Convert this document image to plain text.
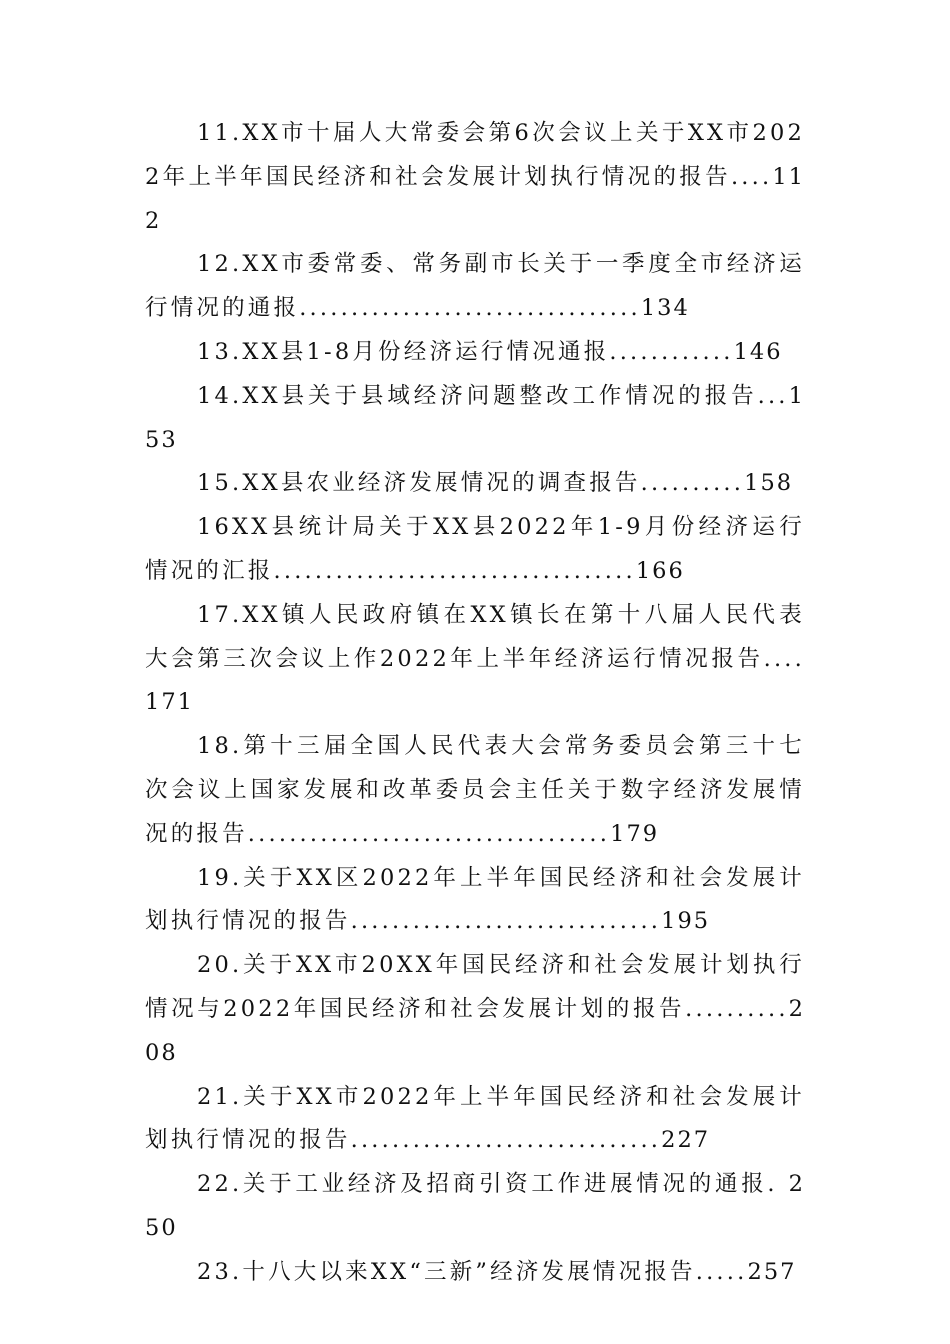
11.XX市十届人大常委会第6次会议上关于XX市2022年上半年国民经济和社会发展计划执行情况的报告....112
12.XX市委常委、常务副市长关于一季度全市经济运行情况的通报.................................134
13.XX县1-8月份经济运行情况通报............146
14.XX县关于县域经济问题整改工作情况的报告...153
15.XX县农业经济发展情况的调查报告..........158
16XX县统计局关于XX县2022年1-9月份经济运行情况的汇报...................................166
17.XX镇人民政府镇在XX镇长在第十八届人民代表大会第三次会议上作2022年上半年经济运行情况报告....171
18.第十三届全国人民代表大会常务委员会第三十七次会议上国家发展和改革委员会主任关于数字经济发展情况的报告...................................179
19.关于XX区2022年上半年国民经济和社会发展计划执行情况的报告..............................195
20.关于XX市20XX年国民经济和社会发展计划执行情况与2022年国民经济和社会发展计划的报告..........208
21.关于XX市2022年上半年国民经济和社会发展计划执行情况的报告..............................227
22.关于工业经济及招商引资工作进展情况的通报. 250
23.十八大以来XX“三新”经济发展情况报告.....257
